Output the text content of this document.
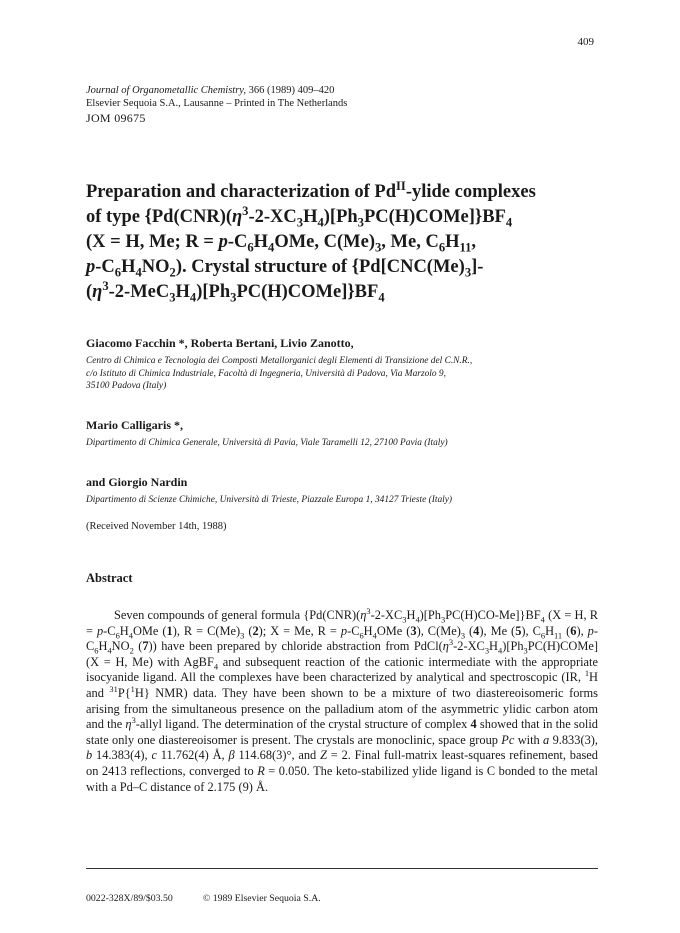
409
Journal of Organometallic Chemistry, 366 (1989) 409–420
Elsevier Sequoia S.A., Lausanne – Printed in The Netherlands
JOM 09675
Preparation and characterization of $Pd^{II}$-ylide complexes
of type $\{Pd(CNR)(\eta^3-2-XC_3H_4)[Ph_3PC(H)COMe]\}BF_4$
(X = H, Me; $R = p-C_6H_4OMe$, $C(Me)_3$, Me, $C_6H_{11}$,
$p-C_6H_4NO_2$). Crystal structure of {$Pd[CNC(Me)_3]-$
$(\eta^3-2-MeC_3H_4)[Ph_3PC(H)COMe]\}BF_4$
Giacomo Facchin *, Roberta Bertani, Livio Zanotto,
Centro di Chimica e Tecnologia dei Composti Metallorganici degli Elementi di Transizione del C.N.R.,
c/o Istituto di Chimica Industriale, Facoltà di Ingegneria, Università di Padova, Via Marzolo 9,
35100 Padova (Italy)
Mario Calligaris *,
Dipartimento di Chimica Generale, Università di Pavia, Viale Taramelli 12, 27100 Pavia (Italy)
and Giorgio Nardin
Dipartimento di Scienze Chimiche, Università di Trieste, Piazzale Europa 1, 34127 Trieste (Italy)
(Received November 14th, 1988)
Abstract

Seven compounds of general formula $\{Pd(CNR)(\eta^3-2-XC_3H_4)[Ph_3PC(H)CO-Me]\}BF_4$ (X = H, $R = p-C_6H_4OMe$ (1), $R = C(Me)_3$ (2); X = Me, $R = p-C_6H_4OMe$ (3), $C(Me)_3$ (4), Me (5), $C_6H_{11}$ (6), $p-C_6H_4NO_2$ (7)) have been prepared by chloride abstraction from $PdCl(\eta^3-2-XC_3H_4)[Ph_3PC(H)COMe] (X = H$, Me) with AgBF$_4$ and subsequent reaction of the cationic intermediate with the appropriate isocyanide ligand. All the complexes have been characterized by analytical and spectroscopic (IR, $^1$H and $^{31}$P{$^1$H} NMR) data. They have been shown to be a mixture of two diastereoisomeric forms arising from the simultaneous presence on the palladium atom of the asymmetric ylidic carbon atom and the $\eta^3$-allyl ligand. The determination of the crystal structure of complex 4 showed that in the solid state only one diastereoisomer is present. The crystals are monoclinic, space group Pc with a 9.833(3), b 14.383(4), c 11.762(4) Å, β 114.68(3)°, and Z = 2. Final full-matrix least-squares refinement, based on 2413 reflections, converged to R = 0.050. The keto-stabilized ylide ligand is C bonded to the metal with a Pd–C distance of 2.175 (9) Å.

0022-328X/89/$03.50	© 1989 Elsevier Sequoia S.A.
